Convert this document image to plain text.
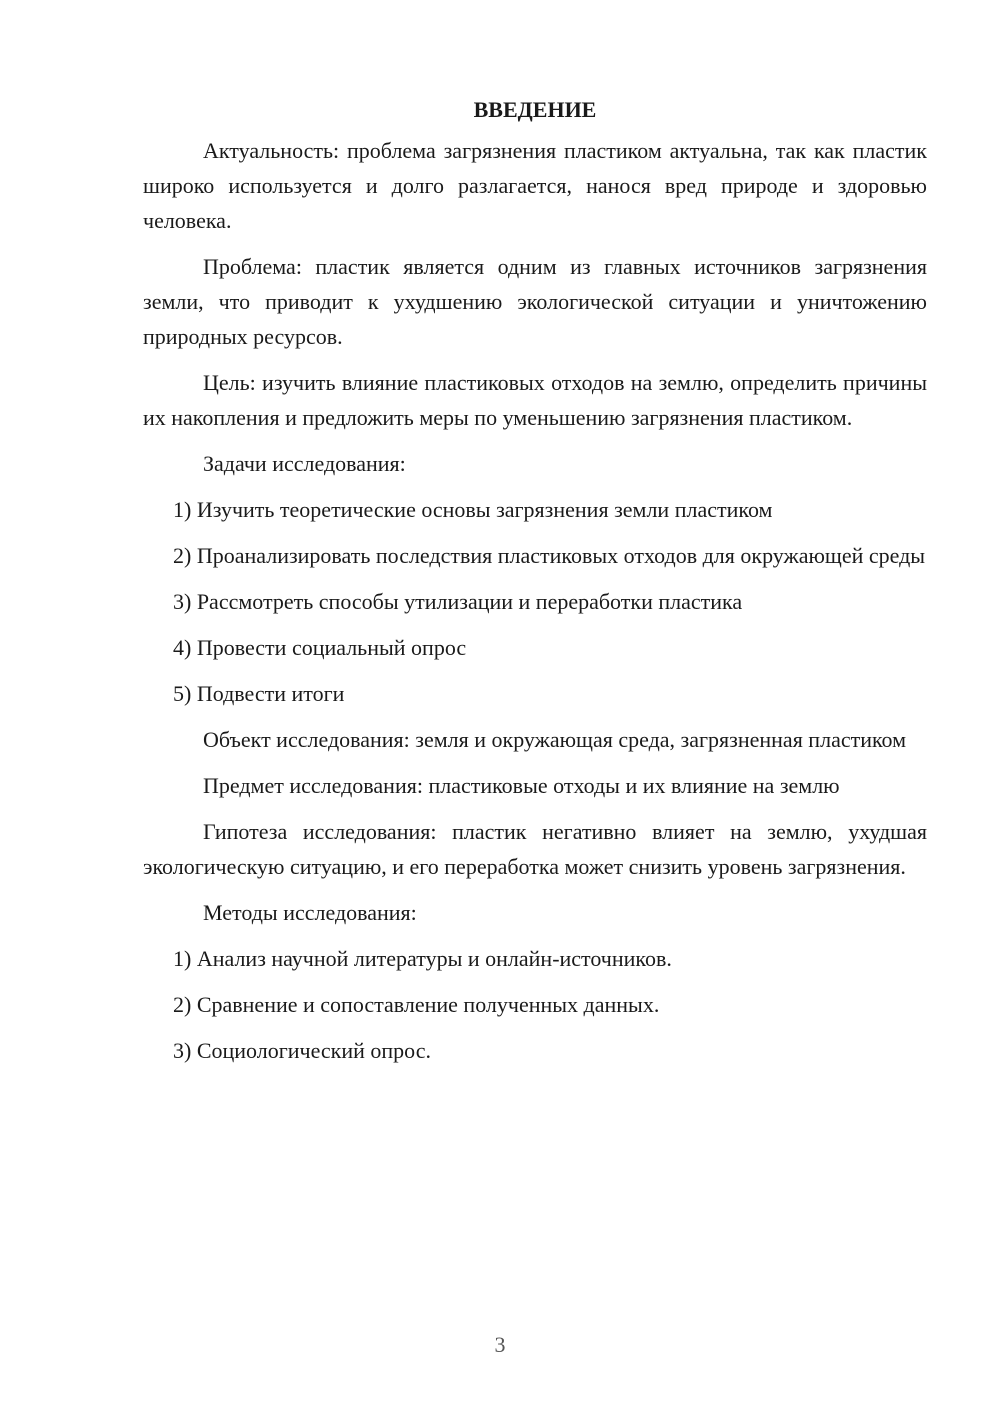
ВВЕДЕНИЕ

Актуальность: проблема загрязнения пластиком актуальна, так как пластик широко используется и долго разлагается, нанося вред природе и здоровью человека.

Проблема: пластик является одним из главных источников загрязнения земли, что приводит к ухудшению экологической ситуации и уничтожению природных ресурсов.

Цель: изучить влияние пластиковых отходов на землю, определить причины их накопления и предложить меры по уменьшению загрязнения пластиком.

Задачи исследования:

1) Изучить теоретические основы загрязнения земли пластиком

2) Проанализировать последствия пластиковых отходов для окружающей среды

3) Рассмотреть способы утилизации и переработки пластика

4) Провести социальный опрос

5) Подвести итоги

Объект исследования: земля и окружающая среда, загрязненная пластиком

Предмет исследования: пластиковые отходы и их влияние на землю

Гипотеза исследования: пластик негативно влияет на землю, ухудшая экологическую ситуацию, и его переработка может снизить уровень загрязнения.

Методы исследования:

1) Анализ научной литературы и онлайн-источников.

2) Сравнение и сопоставление полученных данных.

3) Социологический опрос.

3
